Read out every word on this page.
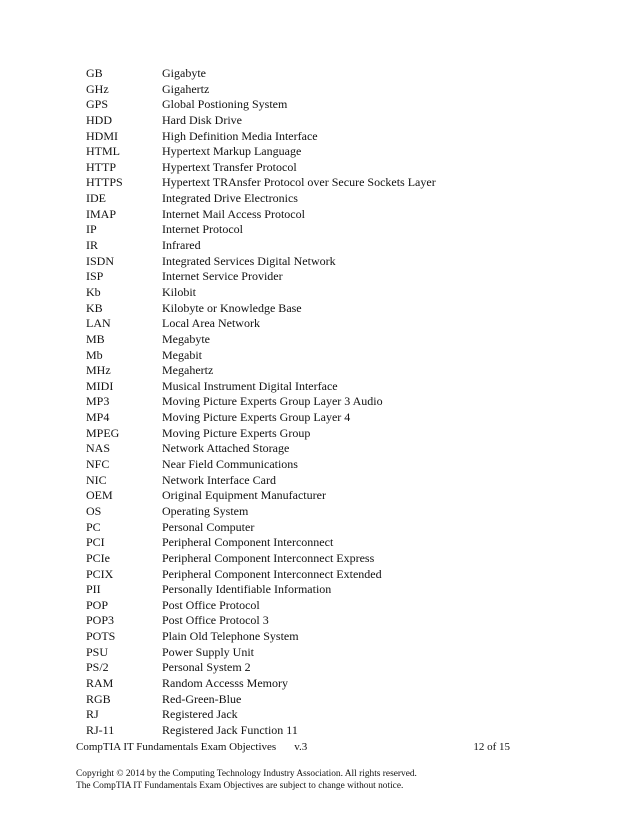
GB	Gigabyte
GHz	Gigahertz
GPS	Global Postioning System
HDD	Hard Disk Drive
HDMI	High Definition Media Interface
HTML	Hypertext Markup Language
HTTP	Hypertext Transfer Protocol
HTTPS	Hypertext TRAnsfer Protocol over Secure Sockets Layer
IDE	Integrated Drive Electronics
IMAP	Internet Mail Access Protocol
IP	Internet Protocol
IR	Infrared
ISDN	Integrated Services Digital Network
ISP	Internet Service Provider
Kb	Kilobit
KB	Kilobyte or Knowledge Base
LAN	Local Area Network
MB	Megabyte
Mb	Megabit
MHz	Megahertz
MIDI	Musical Instrument Digital Interface
MP3	Moving Picture Experts Group Layer 3 Audio
MP4	Moving Picture Experts Group Layer 4
MPEG	Moving Picture Experts Group
NAS	Network Attached Storage
NFC	Near Field Communications
NIC	Network Interface Card
OEM	Original Equipment Manufacturer
OS	Operating System
PC	Personal Computer
PCI	Peripheral Component Interconnect
PCIe	Peripheral Component Interconnect Express
PCIX	Peripheral Component Interconnect Extended
PII	Personally Identifiable Information
POP	Post Office Protocol
POP3	Post Office Protocol 3
POTS	Plain Old Telephone System
PSU	Power Supply Unit
PS/2	Personal System 2
RAM	Random Accesss Memory
RGB	Red-Green-Blue
RJ	Registered Jack
RJ-11	Registered Jack Function 11
CompTIA IT Fundamentals Exam Objectives v.3	12 of 15
Copyright © 2014 by the Computing Technology Industry Association. All rights reserved.
The CompTIA IT Fundamentals Exam Objectives are subject to change without notice.
